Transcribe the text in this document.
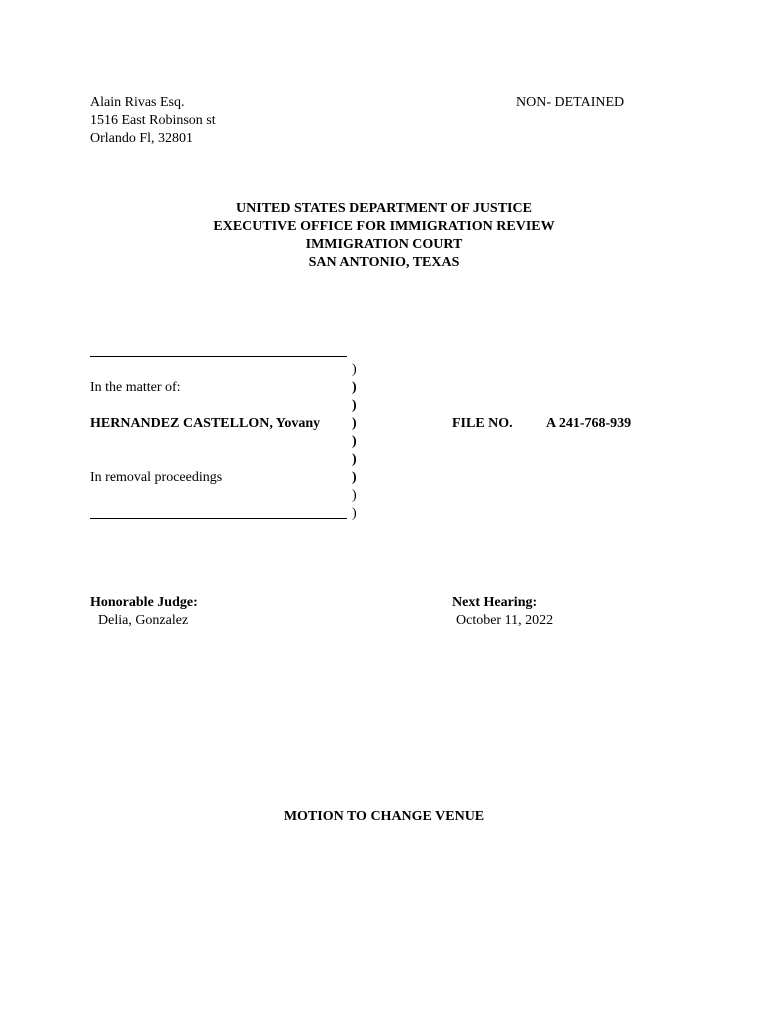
Alain Rivas Esq.
1516 East Robinson st
Orlando Fl, 32801
NON- DETAINED
UNITED STATES DEPARTMENT OF JUSTICE
EXECUTIVE OFFICE FOR IMMIGRATION REVIEW
IMMIGRATION COURT
SAN ANTONIO, TEXAS
In the matter of:
HERNANDEZ CASTELLON, Yovany
In removal proceedings
)
)
)
)
)
)
)
)
)
FILE NO. A 241-768-939
Honorable Judge:
Delia, Gonzalez
Next Hearing:
October 11, 2022
MOTION TO CHANGE VENUE
